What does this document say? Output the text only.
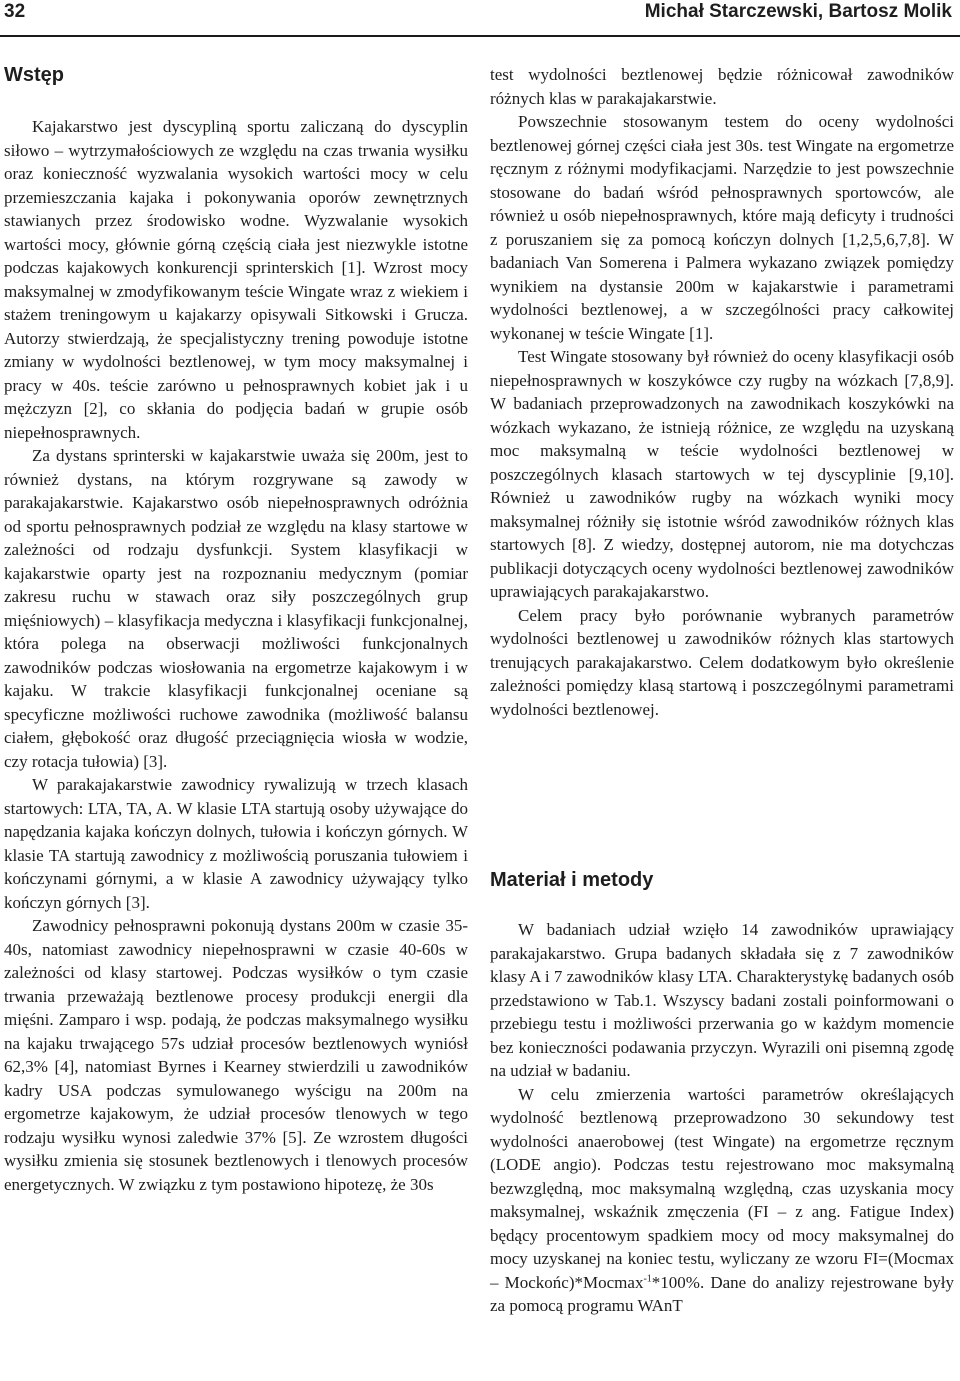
32	Michał Starczewski, Bartosz Molik
Wstęp

Kajakarstwo jest dyscypliną sportu zaliczaną do dyscyplin siłowo – wytrzymałościowych ze względu na czas trwania wysiłku oraz konieczność wyzwalania wysokich wartości mocy w celu przemieszczania kajaka i pokonywania oporów zewnętrznych stawianych przez środowisko wodne. Wyzwalanie wysokich wartości mocy, głównie górną częścią ciała jest niezwykle istotne podczas kajakowych konkurencji sprinterskich [1]. Wzrost mocy maksymalnej w zmodyfikowanym teście Wingate wraz z wiekiem i stażem treningowym u kajakarzy opisywali Sitkowski i Grucza. Autorzy stwierdzają, że specjalistyczny trening powoduje istotne zmiany w wydolności beztlenowej, w tym mocy maksymalnej i pracy w 40s. teście zarówno u pełnosprawnych kobiet jak i u mężczyzn [2], co skłania do podjęcia badań w grupie osób niepełnosprawnych.

Za dystans sprinterski w kajakarstwie uważa się 200m, jest to również dystans, na którym rozgrywane są zawody w parakajakarstwie. Kajakarstwo osób niepełnosprawnych odróżnia od sportu pełnosprawnych podział ze względu na klasy startowe w zależności od rodzaju dysfunkcji. System klasyfikacji w kajakarstwie oparty jest na rozpoznaniu medycznym (pomiar zakresu ruchu w stawach oraz siły poszczególnych grup mięśniowych) – klasyfikacja medyczna i klasyfikacji funkcjonalnej, która polega na obserwacji możliwości funkcjonalnych zawodników podczas wiosłowania na ergometrze kajakowym i w kajaku. W trakcie klasyfikacji funkcjonalnej oceniane są specyficzne możliwości ruchowe zawodnika (możliwość balansu ciałem, głębokość oraz długość przeciągnięcia wiosła w wodzie, czy rotacja tułowia) [3].

W parakajakarstwie zawodnicy rywalizują w trzech klasach startowych: LTA, TA, A. W klasie LTA startują osoby używające do napędzania kajaka kończyn dolnych, tułowia i kończyn górnych. W klasie TA startują zawodnicy z możliwością poruszania tułowiem i kończynami górnymi, a w klasie A zawodnicy używający tylko kończyn górnych [3].

Zawodnicy pełnosprawni pokonują dystans 200m w czasie 35-40s, natomiast zawodnicy niepełnosprawni w czasie 40-60s w zależności od klasy startowej. Podczas wysiłków o tym czasie trwania przeważają beztlenowe procesy produkcji energii dla mięśni. Zamparo i wsp. podają, że podczas maksymalnego wysiłku na kajaku trwającego 57s udział procesów beztlenowych wyniósł 62,3% [4], natomiast Byrnes i Kearney stwierdzili u zawodników kadry USA podczas symulowanego wyścigu na 200m na ergometrze kajakowym, że udział procesów tlenowych w tego rodzaju wysiłku wynosi zaledwie 37% [5]. Ze wzrostem długości wysiłku zmienia się stosunek beztlenowych i tlenowych procesów energetycznych. W związku z tym postawiono hipotezę, że 30s

test wydolności beztlenowej będzie różnicował zawodników różnych klas w parakajakarstwie.

Powszechnie stosowanym testem do oceny wydolności beztlenowej górnej części ciała jest 30s. test Wingate na ergometrze ręcznym z różnymi modyfikacjami. Narzędzie to jest powszechnie stosowane do badań wśród pełnosprawnych sportowców, ale również u osób niepełnosprawnych, które mają deficyty i trudności z poruszaniem się za pomocą kończyn dolnych [1,2,5,6,7,8]. W badaniach Van Somerena i Palmera wykazano związek pomiędzy wynikiem na dystansie 200m w kajakarstwie i parametrami wydolności beztlenowej, a w szczególności pracy całkowitej wykonanej w teście Wingate [1].

Test Wingate stosowany był również do oceny klasyfikacji osób niepełnosprawnych w koszykówce czy rugby na wózkach [7,8,9]. W badaniach przeprowadzonych na zawodnikach koszykówki na wózkach wykazano, że istnieją różnice, ze względu na uzyskaną moc maksymalną w teście wydolności beztlenowej w poszczególnych klasach startowych w tej dyscyplinie [9,10]. Również u zawodników rugby na wózkach wyniki mocy maksymalnej różniły się istotnie wśród zawodników różnych klas startowych [8]. Z wiedzy, dostępnej autorom, nie ma dotychczas publikacji dotyczących oceny wydolności beztlenowej zawodników uprawiających parakajakarstwo.

Celem pracy było porównanie wybranych parametrów wydolności beztlenowej u zawodników różnych klas startowych trenujących parakajakarstwo. Celem dodatkowym było określenie zależności pomiędzy klasą startową i poszczególnymi parametrami wydolności beztlenowej.

Materiał i metody

W badaniach udział wzięło 14 zawodników uprawiający parakajakarstwo. Grupa badanych składała się z 7 zawodników klasy A i 7 zawodników klasy LTA. Charakterystykę badanych osób przedstawiono w Tab.1. Wszyscy badani zostali poinformowani o przebiegu testu i możliwości przerwania go w każdym momencie bez konieczności podawania przyczyn. Wyrazili oni pisemną zgodę na udział w badaniu.

W celu zmierzenia wartości parametrów określających wydolność beztlenową przeprowadzono 30 sekundowy test wydolności anaerobowej (test Wingate) na ergometrze ręcznym (LODE angio). Podczas testu rejestrowano moc maksymalną bezwzględną, moc maksymalną względną, czas uzyskania mocy maksymalnej, wskaźnik zmęczenia (FI – z ang. Fatigue Index) będący procentowym spadkiem mocy od mocy maksymalnej do mocy uzyskanej na koniec testu, wyliczany ze wzoru FI=(Mocmax – Mockońc)*Mocmax$^{-1}$*100%. Dane do analizy rejestrowane były za pomocą programu WAnT
